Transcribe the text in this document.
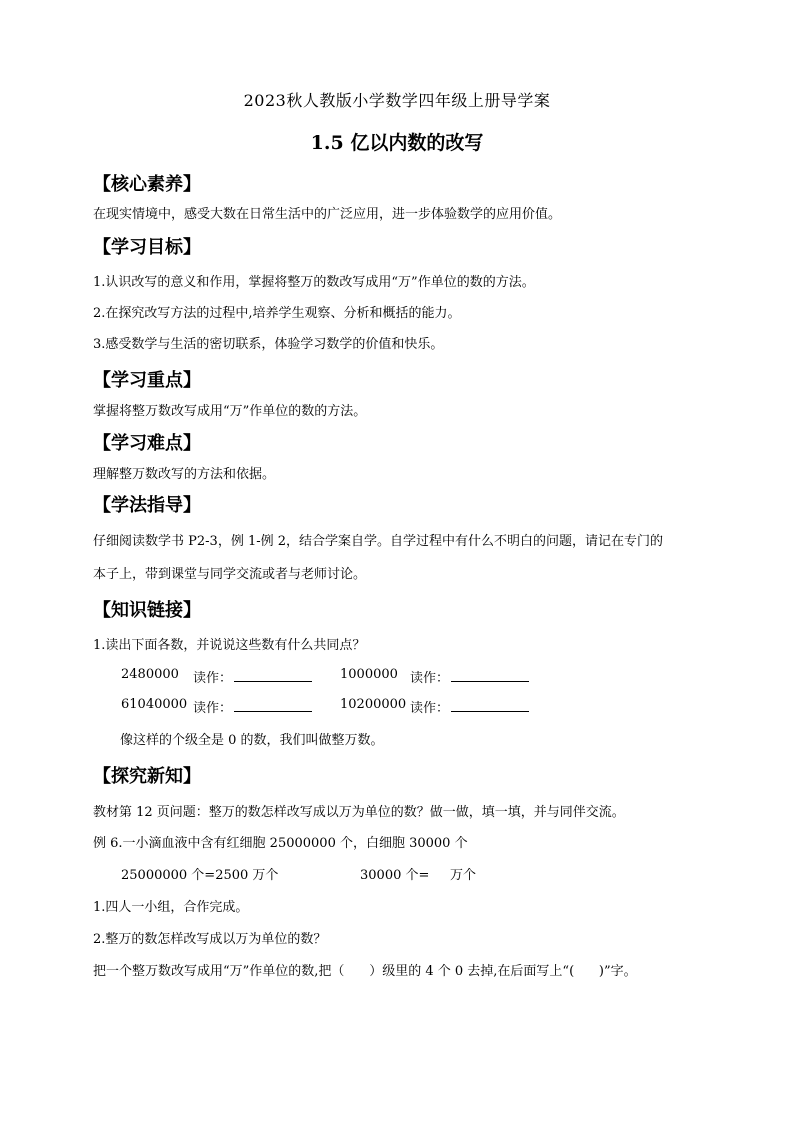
2023秋人教版小学数学四年级上册导学案
1.5 亿以内数的改写
【核心素养】
在现实情境中，感受大数在日常生活中的广泛应用，进一步体验数学的应用价值。
【学习目标】
1.认识改写的意义和作用，掌握将整万的数改写成用“万”作单位的数的方法。
2.在探究改写方法的过程中,培养学生观察、分析和概括的能力。
3.感受数学与生活的密切联系，体验学习数学的价值和快乐。
【学习重点】
掌握将整万数改写成用“万”作单位的数的方法。
【学习难点】
理解整万数改写的方法和依据。
【学法指导】
仔细阅读数学书 P2-3，例 1-例 2，结合学案自学。自学过程中有什么不明白的问题，请记在专门的
本子上，带到课堂与同学交流或者与老师讨论。
【知识链接】
1.读出下面各数，并说说这些数有什么共同点？
2480000 读作：	1000000 读作：
61040000 读作：	10200000 读作：
像这样的个级全是 0 的数，我们叫做整万数。
【探究新知】
教材第 12 页问题：整万的数怎样改写成以万为单位的数？做一做，填一填，并与同伴交流。
例 6.一小滴血液中含有红细胞 25000000 个，白细胞 30000 个
25000000 个=2500 万个	30000 个=     万个
1.四人一小组，合作完成。
2.整万的数怎样改写成以万为单位的数？
把一个整万数改写成用“万”作单位的数,把（      ）级里的 4 个 0 去掉,在后面写上“(      )”字。
